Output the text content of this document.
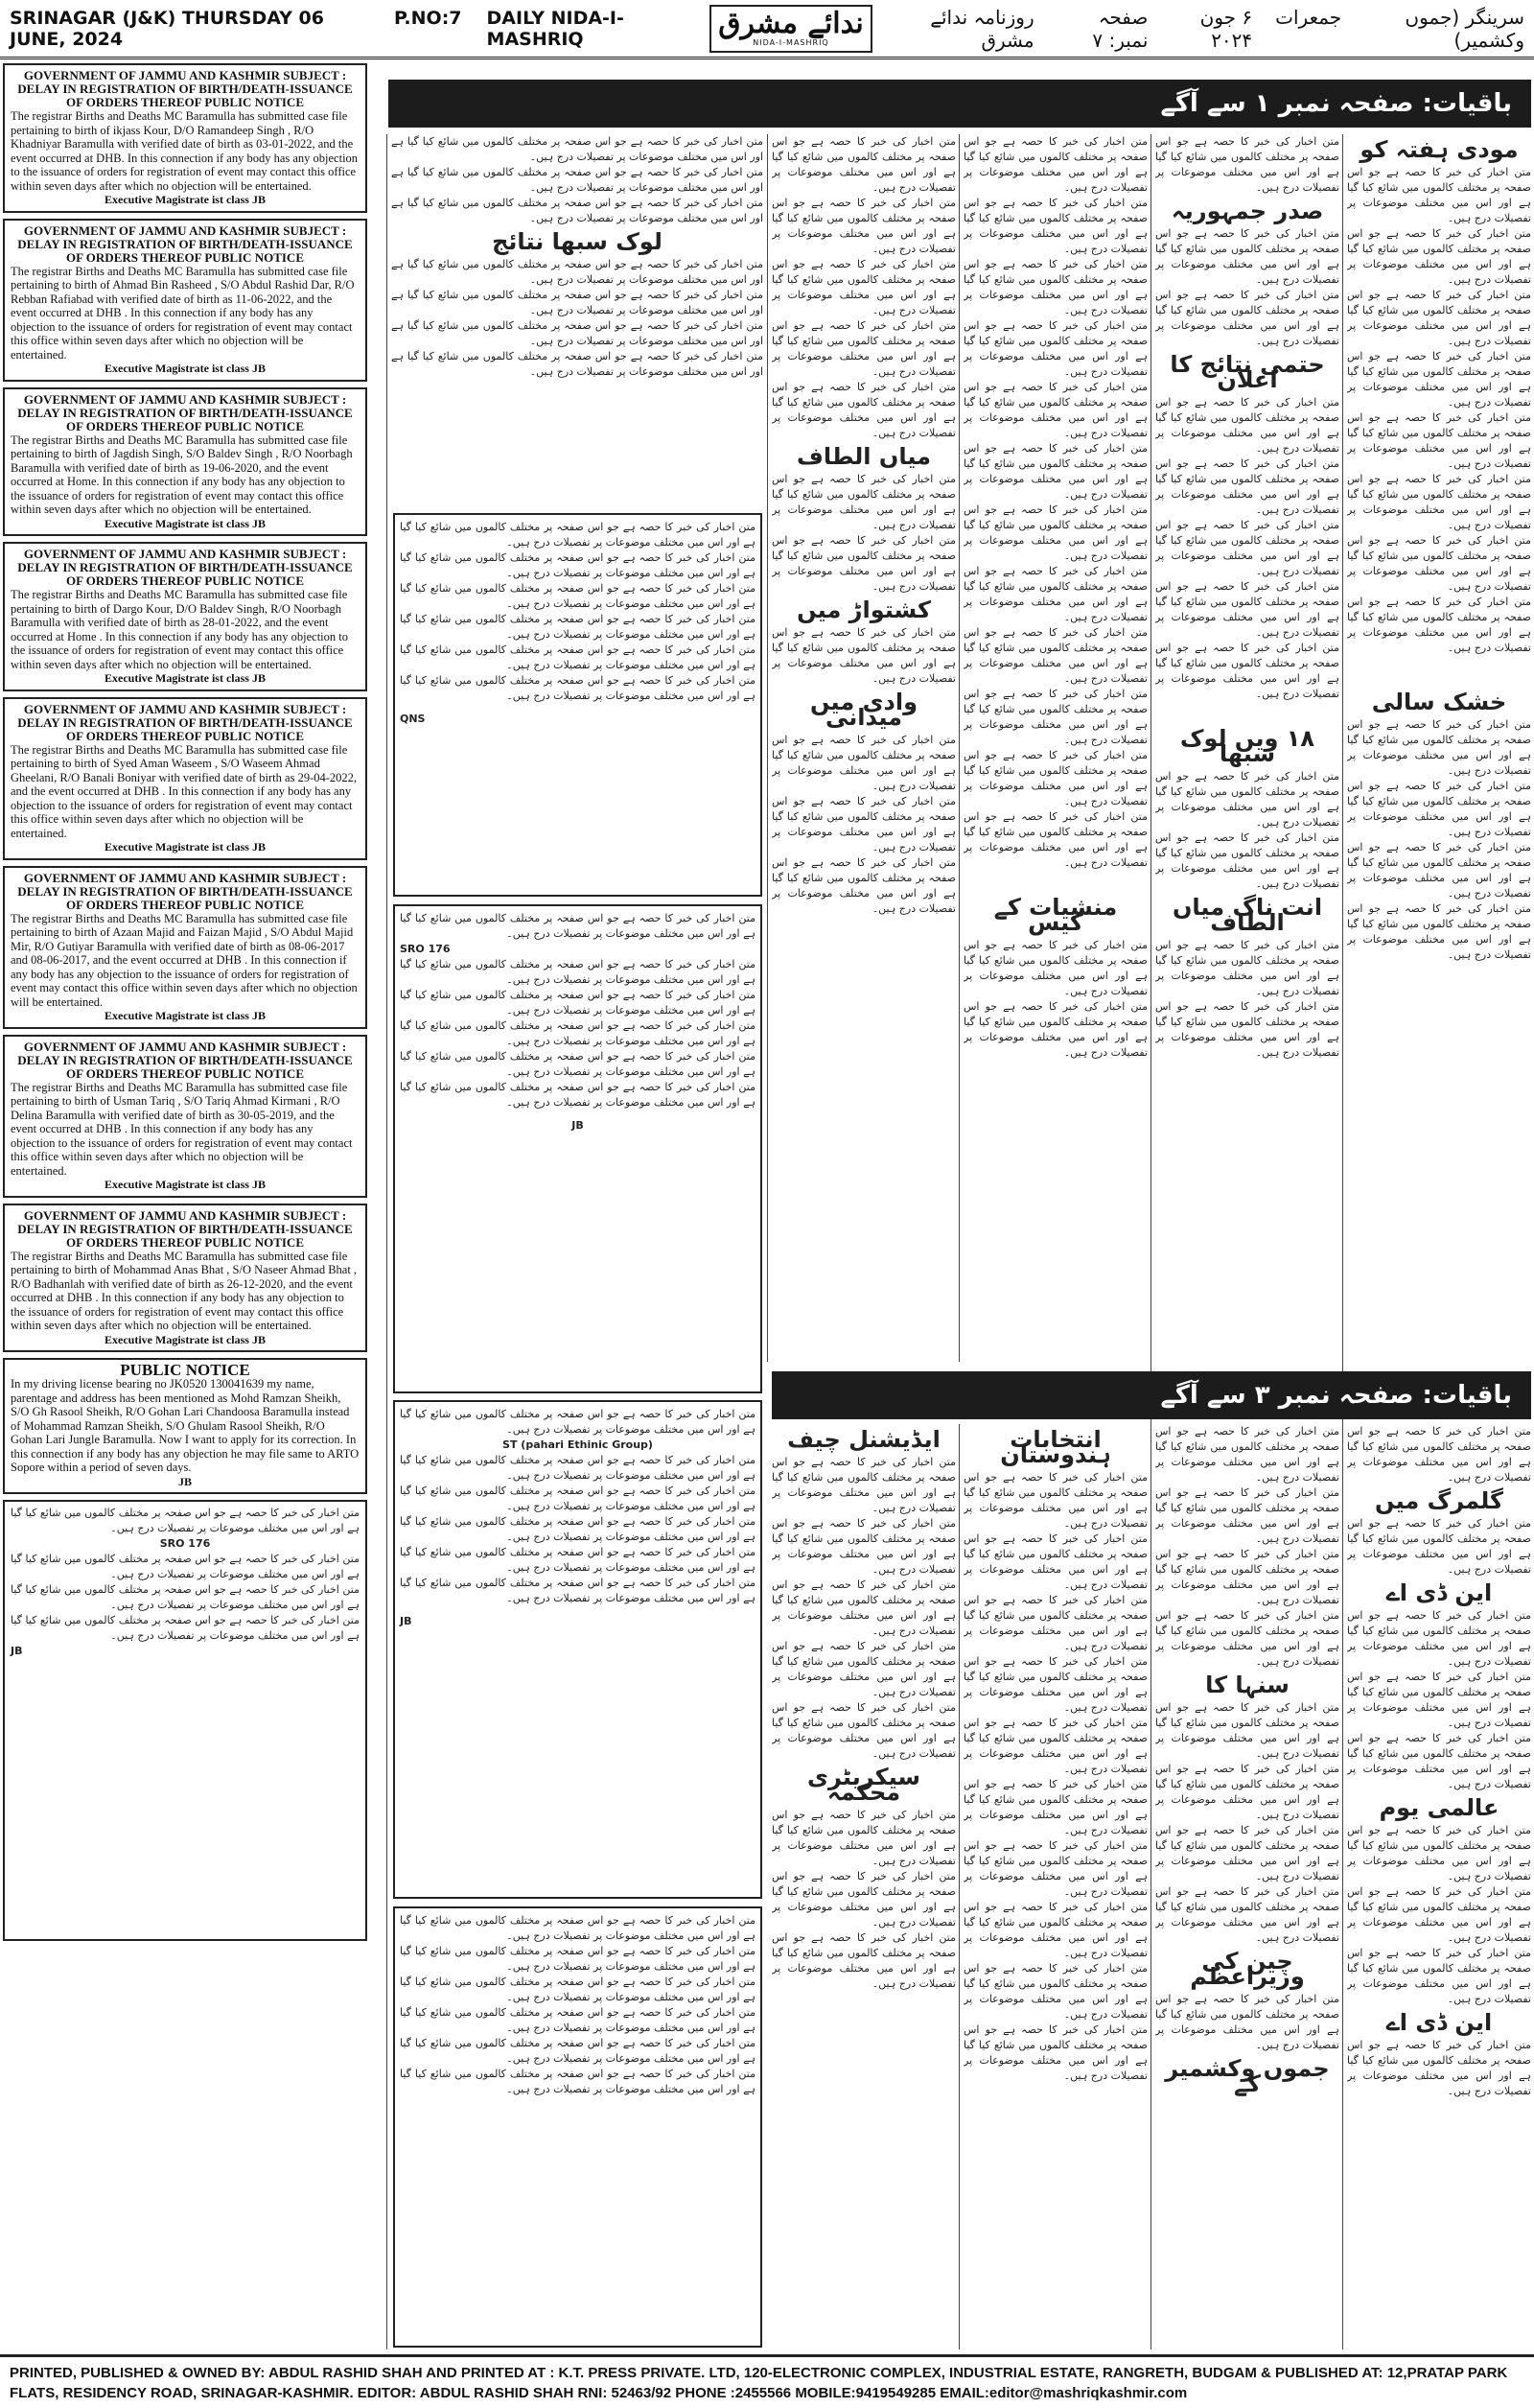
SRINAGAR (J&K) THURSDAY 06 JUNE, 2024
P.NO:7 DAILY NIDA-I-MASHRIQ	ندائے مشرق
NIDA-I-MASHRIQ
سرینگر (جموں وکشمیر)
جمعرات
۶ جون ۲۰۲۴
صفحہ نمبر: ۷
روزنامہ ندائے مشرق
GOVERNMENT OF JAMMU AND KASHMIR SUBJECT : DELAY IN REGISTRATION OF BIRTH/DEATH-ISSUANCE OF ORDERS THEREOF PUBLIC NOTICE

The registrar Births and Deaths MC Baramulla has submitted case file pertaining to birth of ikjass Kour, D/O Ramandeep Singh , R/O Khadniyar Baramulla with verified date of birth as 03-01-2022, and the event occurred at DHB. In this connection if any body has any objection to the issuance of orders for registration of event may contact this office within seven days after which no objection will be entertained.

Executive Magistrate ist class JB

GOVERNMENT OF JAMMU AND KASHMIR SUBJECT : DELAY IN REGISTRATION OF BIRTH/DEATH-ISSUANCE OF ORDERS THEREOF PUBLIC NOTICE

The registrar Births and Deaths MC Baramulla has submitted case file pertaining to birth of Ahmad Bin Rasheed , S/O Abdul Rashid Dar, R/O Rebban Rafiabad with verified date of birth as 11-06-2022, and the event occurred at DHB . In this connection if any body has any objection to the issuance of orders for registration of event may contact this office within seven days after which no objection will be entertained.

Executive Magistrate ist class JB

GOVERNMENT OF JAMMU AND KASHMIR SUBJECT : DELAY IN REGISTRATION OF BIRTH/DEATH-ISSUANCE OF ORDERS THEREOF PUBLIC NOTICE

The registrar Births and Deaths MC Baramulla has submitted case file pertaining to birth of Jagdish Singh, S/O Baldev Singh , R/O Noorbagh Baramulla with verified date of birth as 19-06-2020, and the event occurred at Home. In this connection if any body has any objection to the issuance of orders for registration of event may contact this office within seven days after which no objection will be entertained.

Executive Magistrate ist class JB

GOVERNMENT OF JAMMU AND KASHMIR SUBJECT : DELAY IN REGISTRATION OF BIRTH/DEATH-ISSUANCE OF ORDERS THEREOF PUBLIC NOTICE

The registrar Births and Deaths MC Baramulla has submitted case file pertaining to birth of Dargo Kour, D/O Baldev Singh, R/O Noorbagh Baramulla with verified date of birth as 28-01-2022, and the event occurred at Home . In this connection if any body has any objection to the issuance of orders for registration of event may contact this office within seven days after which no objection will be entertained.

Executive Magistrate ist class JB

GOVERNMENT OF JAMMU AND KASHMIR SUBJECT : DELAY IN REGISTRATION OF BIRTH/DEATH-ISSUANCE OF ORDERS THEREOF PUBLIC NOTICE

The registrar Births and Deaths MC Baramulla has submitted case file pertaining to birth of Syed Aman Waseem , S/O Waseem Ahmad Gheelani, R/O Banali Boniyar with verified date of birth as 29-04-2022, and the event occurred at DHB . In this connection if any body has any objection to the issuance of orders for registration of event may contact this office within seven days after which no objection will be entertained.

Executive Magistrate ist class JB

GOVERNMENT OF JAMMU AND KASHMIR SUBJECT : DELAY IN REGISTRATION OF BIRTH/DEATH-ISSUANCE OF ORDERS THEREOF PUBLIC NOTICE

The registrar Births and Deaths MC Baramulla has submitted case file pertaining to birth of Azaan Majid and Faizan Majid , S/O Abdul Majid Mir, R/O Gutiyar Baramulla with verified date of birth as 08-06-2017 and 08-06-2017, and the event occurred at DHB . In this connection if any body has any objection to the issuance of orders for registration of event may contact this office within seven days after which no objection will be entertained.

Executive Magistrate ist class JB

GOVERNMENT OF JAMMU AND KASHMIR SUBJECT : DELAY IN REGISTRATION OF BIRTH/DEATH-ISSUANCE OF ORDERS THEREOF PUBLIC NOTICE

The registrar Births and Deaths MC Baramulla has submitted case file pertaining to birth of Usman Tariq , S/O Tariq Ahmad Kirmani , R/O Delina Baramulla with verified date of birth as 30-05-2019, and the event occurred at DHB . In this connection if any body has any objection to the issuance of orders for registration of event may contact this office within seven days after which no objection will be entertained.

Executive Magistrate ist class JB

GOVERNMENT OF JAMMU AND KASHMIR SUBJECT : DELAY IN REGISTRATION OF BIRTH/DEATH-ISSUANCE OF ORDERS THEREOF PUBLIC NOTICE

The registrar Births and Deaths MC Baramulla has submitted case file pertaining to birth of Mohammad Anas Bhat , S/O Naseer Ahmad Bhat , R/O Badhanlah with verified date of birth as 26-12-2020, and the event occurred at DHB . In this connection if any body has any objection to the issuance of orders for registration of event may contact this office within seven days after which no objection will be entertained.

Executive Magistrate ist class JB

PUBLIC NOTICE

In my driving license bearing no JK0520 130041639 my name, parentage and address has been mentioned as Mohd Ramzan Sheikh, S/O Gh Rasool Sheikh, R/O Gohan Lari Chandoosa Baramulla instead of Mohammad Ramzan Sheikh, S/O Ghulam Rasool Sheikh, R/O Gohan Lari Jungle Baramulla. Now I want to apply for its correction. In this connection if any body has any objection he may file same to ARTO Sopore within a period of seven days.

JB

متن اخبار کی خبر کا حصہ ہے جو اس صفحہ پر مختلف کالموں میں شائع کیا گیا ہے اور اس میں مختلف موضوعات پر تفصیلات درج ہیں۔

SRO 176

متن اخبار کی خبر کا حصہ ہے جو اس صفحہ پر مختلف کالموں میں شائع کیا گیا ہے اور اس میں مختلف موضوعات پر تفصیلات درج ہیں۔

متن اخبار کی خبر کا حصہ ہے جو اس صفحہ پر مختلف کالموں میں شائع کیا گیا ہے اور اس میں مختلف موضوعات پر تفصیلات درج ہیں۔

متن اخبار کی خبر کا حصہ ہے جو اس صفحہ پر مختلف کالموں میں شائع کیا گیا ہے اور اس میں مختلف موضوعات پر تفصیلات درج ہیں۔

JB

باقیات: صفحہ نمبر ۱ سے آگے
مودی ہفتہ کو

متن اخبار کی خبر کا حصہ ہے جو اس صفحہ پر مختلف کالموں میں شائع کیا گیا ہے اور اس میں مختلف موضوعات پر تفصیلات درج ہیں۔

متن اخبار کی خبر کا حصہ ہے جو اس صفحہ پر مختلف کالموں میں شائع کیا گیا ہے اور اس میں مختلف موضوعات پر تفصیلات درج ہیں۔

متن اخبار کی خبر کا حصہ ہے جو اس صفحہ پر مختلف کالموں میں شائع کیا گیا ہے اور اس میں مختلف موضوعات پر تفصیلات درج ہیں۔

متن اخبار کی خبر کا حصہ ہے جو اس صفحہ پر مختلف کالموں میں شائع کیا گیا ہے اور اس میں مختلف موضوعات پر تفصیلات درج ہیں۔

متن اخبار کی خبر کا حصہ ہے جو اس صفحہ پر مختلف کالموں میں شائع کیا گیا ہے اور اس میں مختلف موضوعات پر تفصیلات درج ہیں۔

متن اخبار کی خبر کا حصہ ہے جو اس صفحہ پر مختلف کالموں میں شائع کیا گیا ہے اور اس میں مختلف موضوعات پر تفصیلات درج ہیں۔

متن اخبار کی خبر کا حصہ ہے جو اس صفحہ پر مختلف کالموں میں شائع کیا گیا ہے اور اس میں مختلف موضوعات پر تفصیلات درج ہیں۔

متن اخبار کی خبر کا حصہ ہے جو اس صفحہ پر مختلف کالموں میں شائع کیا گیا ہے اور اس میں مختلف موضوعات پر تفصیلات درج ہیں۔

خشک سالی

متن اخبار کی خبر کا حصہ ہے جو اس صفحہ پر مختلف کالموں میں شائع کیا گیا ہے اور اس میں مختلف موضوعات پر تفصیلات درج ہیں۔

متن اخبار کی خبر کا حصہ ہے جو اس صفحہ پر مختلف کالموں میں شائع کیا گیا ہے اور اس میں مختلف موضوعات پر تفصیلات درج ہیں۔

متن اخبار کی خبر کا حصہ ہے جو اس صفحہ پر مختلف کالموں میں شائع کیا گیا ہے اور اس میں مختلف موضوعات پر تفصیلات درج ہیں۔

متن اخبار کی خبر کا حصہ ہے جو اس صفحہ پر مختلف کالموں میں شائع کیا گیا ہے اور اس میں مختلف موضوعات پر تفصیلات درج ہیں۔

متن اخبار کی خبر کا حصہ ہے جو اس صفحہ پر مختلف کالموں میں شائع کیا گیا ہے اور اس میں مختلف موضوعات پر تفصیلات درج ہیں۔

صدر جمہوریہ

متن اخبار کی خبر کا حصہ ہے جو اس صفحہ پر مختلف کالموں میں شائع کیا گیا ہے اور اس میں مختلف موضوعات پر تفصیلات درج ہیں۔

متن اخبار کی خبر کا حصہ ہے جو اس صفحہ پر مختلف کالموں میں شائع کیا گیا ہے اور اس میں مختلف موضوعات پر تفصیلات درج ہیں۔

حتمی نتائج کا اعلان

متن اخبار کی خبر کا حصہ ہے جو اس صفحہ پر مختلف کالموں میں شائع کیا گیا ہے اور اس میں مختلف موضوعات پر تفصیلات درج ہیں۔

متن اخبار کی خبر کا حصہ ہے جو اس صفحہ پر مختلف کالموں میں شائع کیا گیا ہے اور اس میں مختلف موضوعات پر تفصیلات درج ہیں۔

متن اخبار کی خبر کا حصہ ہے جو اس صفحہ پر مختلف کالموں میں شائع کیا گیا ہے اور اس میں مختلف موضوعات پر تفصیلات درج ہیں۔

متن اخبار کی خبر کا حصہ ہے جو اس صفحہ پر مختلف کالموں میں شائع کیا گیا ہے اور اس میں مختلف موضوعات پر تفصیلات درج ہیں۔

متن اخبار کی خبر کا حصہ ہے جو اس صفحہ پر مختلف کالموں میں شائع کیا گیا ہے اور اس میں مختلف موضوعات پر تفصیلات درج ہیں۔

۱۸ ویں لوک سبھا

متن اخبار کی خبر کا حصہ ہے جو اس صفحہ پر مختلف کالموں میں شائع کیا گیا ہے اور اس میں مختلف موضوعات پر تفصیلات درج ہیں۔

متن اخبار کی خبر کا حصہ ہے جو اس صفحہ پر مختلف کالموں میں شائع کیا گیا ہے اور اس میں مختلف موضوعات پر تفصیلات درج ہیں۔

انت ناگ میاں الطاف

متن اخبار کی خبر کا حصہ ہے جو اس صفحہ پر مختلف کالموں میں شائع کیا گیا ہے اور اس میں مختلف موضوعات پر تفصیلات درج ہیں۔

متن اخبار کی خبر کا حصہ ہے جو اس صفحہ پر مختلف کالموں میں شائع کیا گیا ہے اور اس میں مختلف موضوعات پر تفصیلات درج ہیں۔

متن اخبار کی خبر کا حصہ ہے جو اس صفحہ پر مختلف کالموں میں شائع کیا گیا ہے اور اس میں مختلف موضوعات پر تفصیلات درج ہیں۔

متن اخبار کی خبر کا حصہ ہے جو اس صفحہ پر مختلف کالموں میں شائع کیا گیا ہے اور اس میں مختلف موضوعات پر تفصیلات درج ہیں۔

متن اخبار کی خبر کا حصہ ہے جو اس صفحہ پر مختلف کالموں میں شائع کیا گیا ہے اور اس میں مختلف موضوعات پر تفصیلات درج ہیں۔

متن اخبار کی خبر کا حصہ ہے جو اس صفحہ پر مختلف کالموں میں شائع کیا گیا ہے اور اس میں مختلف موضوعات پر تفصیلات درج ہیں۔

متن اخبار کی خبر کا حصہ ہے جو اس صفحہ پر مختلف کالموں میں شائع کیا گیا ہے اور اس میں مختلف موضوعات پر تفصیلات درج ہیں۔

متن اخبار کی خبر کا حصہ ہے جو اس صفحہ پر مختلف کالموں میں شائع کیا گیا ہے اور اس میں مختلف موضوعات پر تفصیلات درج ہیں۔

متن اخبار کی خبر کا حصہ ہے جو اس صفحہ پر مختلف کالموں میں شائع کیا گیا ہے اور اس میں مختلف موضوعات پر تفصیلات درج ہیں۔

متن اخبار کی خبر کا حصہ ہے جو اس صفحہ پر مختلف کالموں میں شائع کیا گیا ہے اور اس میں مختلف موضوعات پر تفصیلات درج ہیں۔

متن اخبار کی خبر کا حصہ ہے جو اس صفحہ پر مختلف کالموں میں شائع کیا گیا ہے اور اس میں مختلف موضوعات پر تفصیلات درج ہیں۔

متن اخبار کی خبر کا حصہ ہے جو اس صفحہ پر مختلف کالموں میں شائع کیا گیا ہے اور اس میں مختلف موضوعات پر تفصیلات درج ہیں۔

متن اخبار کی خبر کا حصہ ہے جو اس صفحہ پر مختلف کالموں میں شائع کیا گیا ہے اور اس میں مختلف موضوعات پر تفصیلات درج ہیں۔

متن اخبار کی خبر کا حصہ ہے جو اس صفحہ پر مختلف کالموں میں شائع کیا گیا ہے اور اس میں مختلف موضوعات پر تفصیلات درج ہیں۔

منشیات کے کیس

متن اخبار کی خبر کا حصہ ہے جو اس صفحہ پر مختلف کالموں میں شائع کیا گیا ہے اور اس میں مختلف موضوعات پر تفصیلات درج ہیں۔

متن اخبار کی خبر کا حصہ ہے جو اس صفحہ پر مختلف کالموں میں شائع کیا گیا ہے اور اس میں مختلف موضوعات پر تفصیلات درج ہیں۔

متن اخبار کی خبر کا حصہ ہے جو اس صفحہ پر مختلف کالموں میں شائع کیا گیا ہے اور اس میں مختلف موضوعات پر تفصیلات درج ہیں۔

متن اخبار کی خبر کا حصہ ہے جو اس صفحہ پر مختلف کالموں میں شائع کیا گیا ہے اور اس میں مختلف موضوعات پر تفصیلات درج ہیں۔

متن اخبار کی خبر کا حصہ ہے جو اس صفحہ پر مختلف کالموں میں شائع کیا گیا ہے اور اس میں مختلف موضوعات پر تفصیلات درج ہیں۔

متن اخبار کی خبر کا حصہ ہے جو اس صفحہ پر مختلف کالموں میں شائع کیا گیا ہے اور اس میں مختلف موضوعات پر تفصیلات درج ہیں۔

متن اخبار کی خبر کا حصہ ہے جو اس صفحہ پر مختلف کالموں میں شائع کیا گیا ہے اور اس میں مختلف موضوعات پر تفصیلات درج ہیں۔

میاں الطاف

متن اخبار کی خبر کا حصہ ہے جو اس صفحہ پر مختلف کالموں میں شائع کیا گیا ہے اور اس میں مختلف موضوعات پر تفصیلات درج ہیں۔

متن اخبار کی خبر کا حصہ ہے جو اس صفحہ پر مختلف کالموں میں شائع کیا گیا ہے اور اس میں مختلف موضوعات پر تفصیلات درج ہیں۔

کشتواڑ میں

متن اخبار کی خبر کا حصہ ہے جو اس صفحہ پر مختلف کالموں میں شائع کیا گیا ہے اور اس میں مختلف موضوعات پر تفصیلات درج ہیں۔

وادی میں میدانی

متن اخبار کی خبر کا حصہ ہے جو اس صفحہ پر مختلف کالموں میں شائع کیا گیا ہے اور اس میں مختلف موضوعات پر تفصیلات درج ہیں۔

متن اخبار کی خبر کا حصہ ہے جو اس صفحہ پر مختلف کالموں میں شائع کیا گیا ہے اور اس میں مختلف موضوعات پر تفصیلات درج ہیں۔

متن اخبار کی خبر کا حصہ ہے جو اس صفحہ پر مختلف کالموں میں شائع کیا گیا ہے اور اس میں مختلف موضوعات پر تفصیلات درج ہیں۔

متن اخبار کی خبر کا حصہ ہے جو اس صفحہ پر مختلف کالموں میں شائع کیا گیا ہے اور اس میں مختلف موضوعات پر تفصیلات درج ہیں۔

متن اخبار کی خبر کا حصہ ہے جو اس صفحہ پر مختلف کالموں میں شائع کیا گیا ہے اور اس میں مختلف موضوعات پر تفصیلات درج ہیں۔

متن اخبار کی خبر کا حصہ ہے جو اس صفحہ پر مختلف کالموں میں شائع کیا گیا ہے اور اس میں مختلف موضوعات پر تفصیلات درج ہیں۔

لوک سبھا نتائج

متن اخبار کی خبر کا حصہ ہے جو اس صفحہ پر مختلف کالموں میں شائع کیا گیا ہے اور اس میں مختلف موضوعات پر تفصیلات درج ہیں۔

متن اخبار کی خبر کا حصہ ہے جو اس صفحہ پر مختلف کالموں میں شائع کیا گیا ہے اور اس میں مختلف موضوعات پر تفصیلات درج ہیں۔

متن اخبار کی خبر کا حصہ ہے جو اس صفحہ پر مختلف کالموں میں شائع کیا گیا ہے اور اس میں مختلف موضوعات پر تفصیلات درج ہیں۔

متن اخبار کی خبر کا حصہ ہے جو اس صفحہ پر مختلف کالموں میں شائع کیا گیا ہے اور اس میں مختلف موضوعات پر تفصیلات درج ہیں۔

متن اخبار کی خبر کا حصہ ہے جو اس صفحہ پر مختلف کالموں میں شائع کیا گیا ہے اور اس میں مختلف موضوعات پر تفصیلات درج ہیں۔

متن اخبار کی خبر کا حصہ ہے جو اس صفحہ پر مختلف کالموں میں شائع کیا گیا ہے اور اس میں مختلف موضوعات پر تفصیلات درج ہیں۔

متن اخبار کی خبر کا حصہ ہے جو اس صفحہ پر مختلف کالموں میں شائع کیا گیا ہے اور اس میں مختلف موضوعات پر تفصیلات درج ہیں۔

متن اخبار کی خبر کا حصہ ہے جو اس صفحہ پر مختلف کالموں میں شائع کیا گیا ہے اور اس میں مختلف موضوعات پر تفصیلات درج ہیں۔

متن اخبار کی خبر کا حصہ ہے جو اس صفحہ پر مختلف کالموں میں شائع کیا گیا ہے اور اس میں مختلف موضوعات پر تفصیلات درج ہیں۔

متن اخبار کی خبر کا حصہ ہے جو اس صفحہ پر مختلف کالموں میں شائع کیا گیا ہے اور اس میں مختلف موضوعات پر تفصیلات درج ہیں۔

QNS

متن اخبار کی خبر کا حصہ ہے جو اس صفحہ پر مختلف کالموں میں شائع کیا گیا ہے اور اس میں مختلف موضوعات پر تفصیلات درج ہیں۔

SRO 176

متن اخبار کی خبر کا حصہ ہے جو اس صفحہ پر مختلف کالموں میں شائع کیا گیا ہے اور اس میں مختلف موضوعات پر تفصیلات درج ہیں۔

متن اخبار کی خبر کا حصہ ہے جو اس صفحہ پر مختلف کالموں میں شائع کیا گیا ہے اور اس میں مختلف موضوعات پر تفصیلات درج ہیں۔

متن اخبار کی خبر کا حصہ ہے جو اس صفحہ پر مختلف کالموں میں شائع کیا گیا ہے اور اس میں مختلف موضوعات پر تفصیلات درج ہیں۔

متن اخبار کی خبر کا حصہ ہے جو اس صفحہ پر مختلف کالموں میں شائع کیا گیا ہے اور اس میں مختلف موضوعات پر تفصیلات درج ہیں۔

متن اخبار کی خبر کا حصہ ہے جو اس صفحہ پر مختلف کالموں میں شائع کیا گیا ہے اور اس میں مختلف موضوعات پر تفصیلات درج ہیں۔

JB

متن اخبار کی خبر کا حصہ ہے جو اس صفحہ پر مختلف کالموں میں شائع کیا گیا ہے اور اس میں مختلف موضوعات پر تفصیلات درج ہیں۔

ST (pahari Ethinic Group)

متن اخبار کی خبر کا حصہ ہے جو اس صفحہ پر مختلف کالموں میں شائع کیا گیا ہے اور اس میں مختلف موضوعات پر تفصیلات درج ہیں۔

متن اخبار کی خبر کا حصہ ہے جو اس صفحہ پر مختلف کالموں میں شائع کیا گیا ہے اور اس میں مختلف موضوعات پر تفصیلات درج ہیں۔

متن اخبار کی خبر کا حصہ ہے جو اس صفحہ پر مختلف کالموں میں شائع کیا گیا ہے اور اس میں مختلف موضوعات پر تفصیلات درج ہیں۔

متن اخبار کی خبر کا حصہ ہے جو اس صفحہ پر مختلف کالموں میں شائع کیا گیا ہے اور اس میں مختلف موضوعات پر تفصیلات درج ہیں۔

متن اخبار کی خبر کا حصہ ہے جو اس صفحہ پر مختلف کالموں میں شائع کیا گیا ہے اور اس میں مختلف موضوعات پر تفصیلات درج ہیں۔

JB

متن اخبار کی خبر کا حصہ ہے جو اس صفحہ پر مختلف کالموں میں شائع کیا گیا ہے اور اس میں مختلف موضوعات پر تفصیلات درج ہیں۔

متن اخبار کی خبر کا حصہ ہے جو اس صفحہ پر مختلف کالموں میں شائع کیا گیا ہے اور اس میں مختلف موضوعات پر تفصیلات درج ہیں۔

متن اخبار کی خبر کا حصہ ہے جو اس صفحہ پر مختلف کالموں میں شائع کیا گیا ہے اور اس میں مختلف موضوعات پر تفصیلات درج ہیں۔

متن اخبار کی خبر کا حصہ ہے جو اس صفحہ پر مختلف کالموں میں شائع کیا گیا ہے اور اس میں مختلف موضوعات پر تفصیلات درج ہیں۔

متن اخبار کی خبر کا حصہ ہے جو اس صفحہ پر مختلف کالموں میں شائع کیا گیا ہے اور اس میں مختلف موضوعات پر تفصیلات درج ہیں۔

متن اخبار کی خبر کا حصہ ہے جو اس صفحہ پر مختلف کالموں میں شائع کیا گیا ہے اور اس میں مختلف موضوعات پر تفصیلات درج ہیں۔

باقیات: صفحہ نمبر ۳ سے آگے

متن اخبار کی خبر کا حصہ ہے جو اس صفحہ پر مختلف کالموں میں شائع کیا گیا ہے اور اس میں مختلف موضوعات پر تفصیلات درج ہیں۔

گلمرگ میں

متن اخبار کی خبر کا حصہ ہے جو اس صفحہ پر مختلف کالموں میں شائع کیا گیا ہے اور اس میں مختلف موضوعات پر تفصیلات درج ہیں۔

این ڈی اے

متن اخبار کی خبر کا حصہ ہے جو اس صفحہ پر مختلف کالموں میں شائع کیا گیا ہے اور اس میں مختلف موضوعات پر تفصیلات درج ہیں۔

متن اخبار کی خبر کا حصہ ہے جو اس صفحہ پر مختلف کالموں میں شائع کیا گیا ہے اور اس میں مختلف موضوعات پر تفصیلات درج ہیں۔

متن اخبار کی خبر کا حصہ ہے جو اس صفحہ پر مختلف کالموں میں شائع کیا گیا ہے اور اس میں مختلف موضوعات پر تفصیلات درج ہیں۔

عالمی یوم

متن اخبار کی خبر کا حصہ ہے جو اس صفحہ پر مختلف کالموں میں شائع کیا گیا ہے اور اس میں مختلف موضوعات پر تفصیلات درج ہیں۔

متن اخبار کی خبر کا حصہ ہے جو اس صفحہ پر مختلف کالموں میں شائع کیا گیا ہے اور اس میں مختلف موضوعات پر تفصیلات درج ہیں۔

متن اخبار کی خبر کا حصہ ہے جو اس صفحہ پر مختلف کالموں میں شائع کیا گیا ہے اور اس میں مختلف موضوعات پر تفصیلات درج ہیں۔

این ڈی اے

متن اخبار کی خبر کا حصہ ہے جو اس صفحہ پر مختلف کالموں میں شائع کیا گیا ہے اور اس میں مختلف موضوعات پر تفصیلات درج ہیں۔

متن اخبار کی خبر کا حصہ ہے جو اس صفحہ پر مختلف کالموں میں شائع کیا گیا ہے اور اس میں مختلف موضوعات پر تفصیلات درج ہیں۔

متن اخبار کی خبر کا حصہ ہے جو اس صفحہ پر مختلف کالموں میں شائع کیا گیا ہے اور اس میں مختلف موضوعات پر تفصیلات درج ہیں۔

متن اخبار کی خبر کا حصہ ہے جو اس صفحہ پر مختلف کالموں میں شائع کیا گیا ہے اور اس میں مختلف موضوعات پر تفصیلات درج ہیں۔

متن اخبار کی خبر کا حصہ ہے جو اس صفحہ پر مختلف کالموں میں شائع کیا گیا ہے اور اس میں مختلف موضوعات پر تفصیلات درج ہیں۔

سنہا کا

متن اخبار کی خبر کا حصہ ہے جو اس صفحہ پر مختلف کالموں میں شائع کیا گیا ہے اور اس میں مختلف موضوعات پر تفصیلات درج ہیں۔

متن اخبار کی خبر کا حصہ ہے جو اس صفحہ پر مختلف کالموں میں شائع کیا گیا ہے اور اس میں مختلف موضوعات پر تفصیلات درج ہیں۔

متن اخبار کی خبر کا حصہ ہے جو اس صفحہ پر مختلف کالموں میں شائع کیا گیا ہے اور اس میں مختلف موضوعات پر تفصیلات درج ہیں۔

متن اخبار کی خبر کا حصہ ہے جو اس صفحہ پر مختلف کالموں میں شائع کیا گیا ہے اور اس میں مختلف موضوعات پر تفصیلات درج ہیں۔

چین کی وزیراعظم

متن اخبار کی خبر کا حصہ ہے جو اس صفحہ پر مختلف کالموں میں شائع کیا گیا ہے اور اس میں مختلف موضوعات پر تفصیلات درج ہیں۔

جموں وکشمیر کے
انتخابات ہندوستان

متن اخبار کی خبر کا حصہ ہے جو اس صفحہ پر مختلف کالموں میں شائع کیا گیا ہے اور اس میں مختلف موضوعات پر تفصیلات درج ہیں۔

متن اخبار کی خبر کا حصہ ہے جو اس صفحہ پر مختلف کالموں میں شائع کیا گیا ہے اور اس میں مختلف موضوعات پر تفصیلات درج ہیں۔

متن اخبار کی خبر کا حصہ ہے جو اس صفحہ پر مختلف کالموں میں شائع کیا گیا ہے اور اس میں مختلف موضوعات پر تفصیلات درج ہیں۔

متن اخبار کی خبر کا حصہ ہے جو اس صفحہ پر مختلف کالموں میں شائع کیا گیا ہے اور اس میں مختلف موضوعات پر تفصیلات درج ہیں۔

متن اخبار کی خبر کا حصہ ہے جو اس صفحہ پر مختلف کالموں میں شائع کیا گیا ہے اور اس میں مختلف موضوعات پر تفصیلات درج ہیں۔

متن اخبار کی خبر کا حصہ ہے جو اس صفحہ پر مختلف کالموں میں شائع کیا گیا ہے اور اس میں مختلف موضوعات پر تفصیلات درج ہیں۔

متن اخبار کی خبر کا حصہ ہے جو اس صفحہ پر مختلف کالموں میں شائع کیا گیا ہے اور اس میں مختلف موضوعات پر تفصیلات درج ہیں۔

متن اخبار کی خبر کا حصہ ہے جو اس صفحہ پر مختلف کالموں میں شائع کیا گیا ہے اور اس میں مختلف موضوعات پر تفصیلات درج ہیں۔

متن اخبار کی خبر کا حصہ ہے جو اس صفحہ پر مختلف کالموں میں شائع کیا گیا ہے اور اس میں مختلف موضوعات پر تفصیلات درج ہیں۔

متن اخبار کی خبر کا حصہ ہے جو اس صفحہ پر مختلف کالموں میں شائع کیا گیا ہے اور اس میں مختلف موضوعات پر تفصیلات درج ہیں۔

ایڈیشنل چیف

متن اخبار کی خبر کا حصہ ہے جو اس صفحہ پر مختلف کالموں میں شائع کیا گیا ہے اور اس میں مختلف موضوعات پر تفصیلات درج ہیں۔

متن اخبار کی خبر کا حصہ ہے جو اس صفحہ پر مختلف کالموں میں شائع کیا گیا ہے اور اس میں مختلف موضوعات پر تفصیلات درج ہیں۔

متن اخبار کی خبر کا حصہ ہے جو اس صفحہ پر مختلف کالموں میں شائع کیا گیا ہے اور اس میں مختلف موضوعات پر تفصیلات درج ہیں۔

متن اخبار کی خبر کا حصہ ہے جو اس صفحہ پر مختلف کالموں میں شائع کیا گیا ہے اور اس میں مختلف موضوعات پر تفصیلات درج ہیں۔

متن اخبار کی خبر کا حصہ ہے جو اس صفحہ پر مختلف کالموں میں شائع کیا گیا ہے اور اس میں مختلف موضوعات پر تفصیلات درج ہیں۔

سیکریٹری محکمہ

متن اخبار کی خبر کا حصہ ہے جو اس صفحہ پر مختلف کالموں میں شائع کیا گیا ہے اور اس میں مختلف موضوعات پر تفصیلات درج ہیں۔

متن اخبار کی خبر کا حصہ ہے جو اس صفحہ پر مختلف کالموں میں شائع کیا گیا ہے اور اس میں مختلف موضوعات پر تفصیلات درج ہیں۔

متن اخبار کی خبر کا حصہ ہے جو اس صفحہ پر مختلف کالموں میں شائع کیا گیا ہے اور اس میں مختلف موضوعات پر تفصیلات درج ہیں۔

PRINTED, PUBLISHED & OWNED BY: ABDUL RASHID SHAH AND PRINTED AT : K.T. PRESS PRIVATE. LTD, 120-ELECTRONIC COMPLEX, INDUSTRIAL ESTATE, RANGRETH, BUDGAM & PUBLISHED AT: 12,PRATAP PARK
FLATS, RESIDENCY ROAD, SRINAGAR-KASHMIR. EDITOR: ABDUL RASHID SHAH RNI: 52463/92 PHONE :2455566 MOBILE:9419549285 EMAIL:editor@mashriqkashmir.com
